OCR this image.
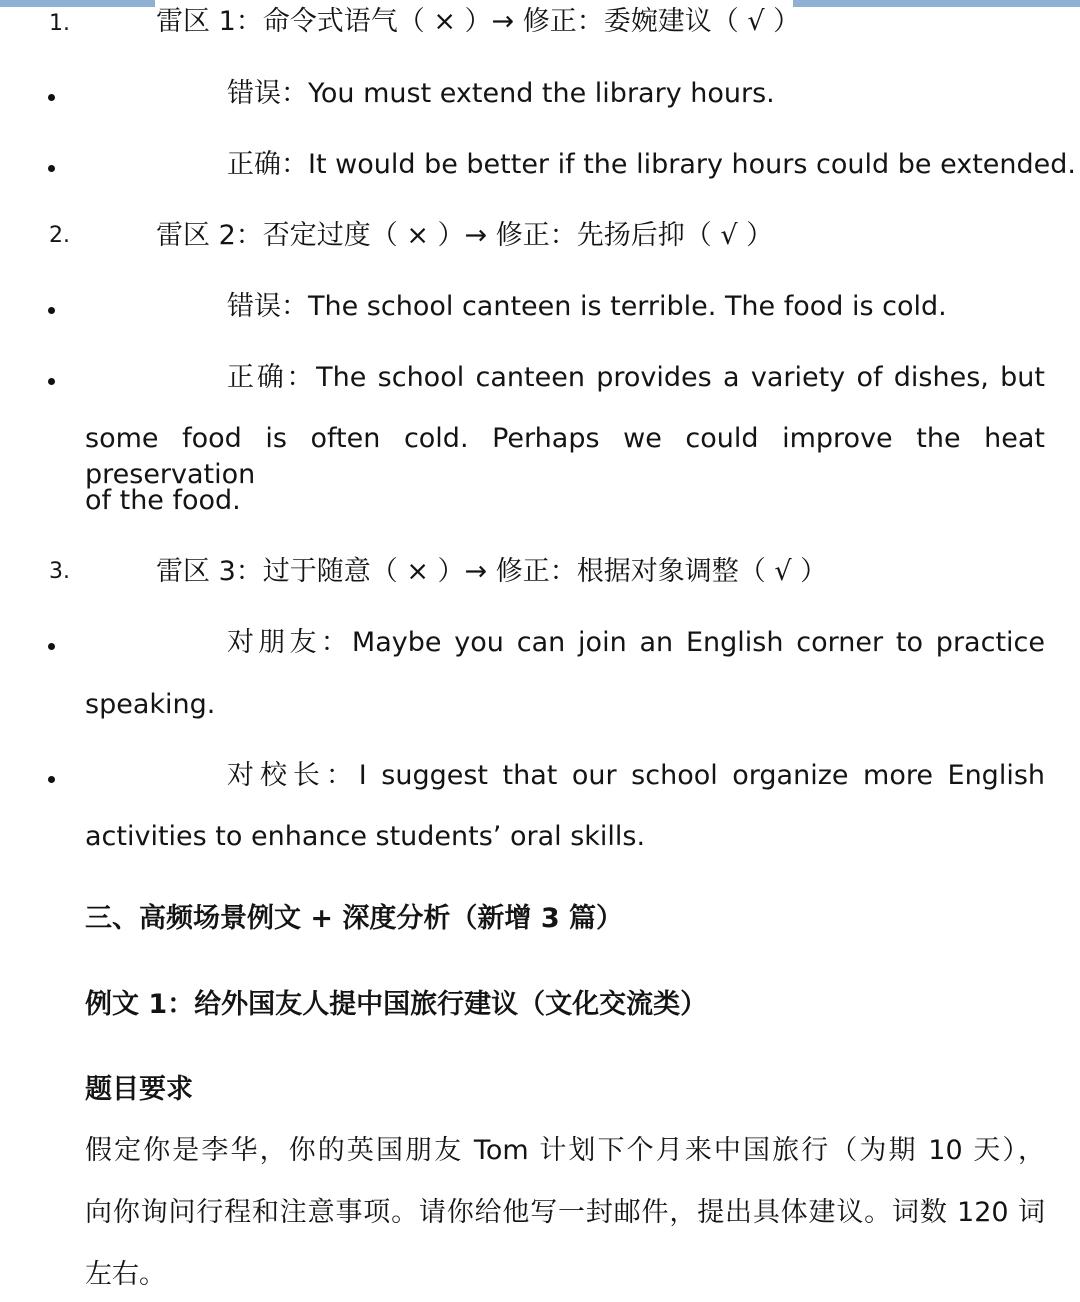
1.	雷区 1：命令式语气（ × ）→ 修正：委婉建议（ √ ）
错误：You must extend the library hours.
正确：It would be better if the library hours could be extended.
2.	雷区 2：否定过度（ × ）→ 修正：先扬后抑（ √ ）
错误：The school canteen is terrible. The food is cold.
正确：The school canteen provides a variety of dishes, but
some food is often cold. Perhaps we could improve the heat preservation
of the food.
3.	雷区 3：过于随意（ × ）→ 修正：根据对象调整（ √ ）
对朋友：Maybe you can join an English corner to practice
speaking.
对校长：I suggest that our school organize more English
activities to enhance students’ oral skills.
三、高频场景例文 + 深度分析（新增 3 篇）
例文 1：给外国友人提中国旅行建议（文化交流类）
题目要求
假定你是李华，你的英国朋友 Tom 计划下个月来中国旅行（为期 10 天），
向你询问行程和注意事项。请你给他写一封邮件，提出具体建议。词数 120 词
左右。
